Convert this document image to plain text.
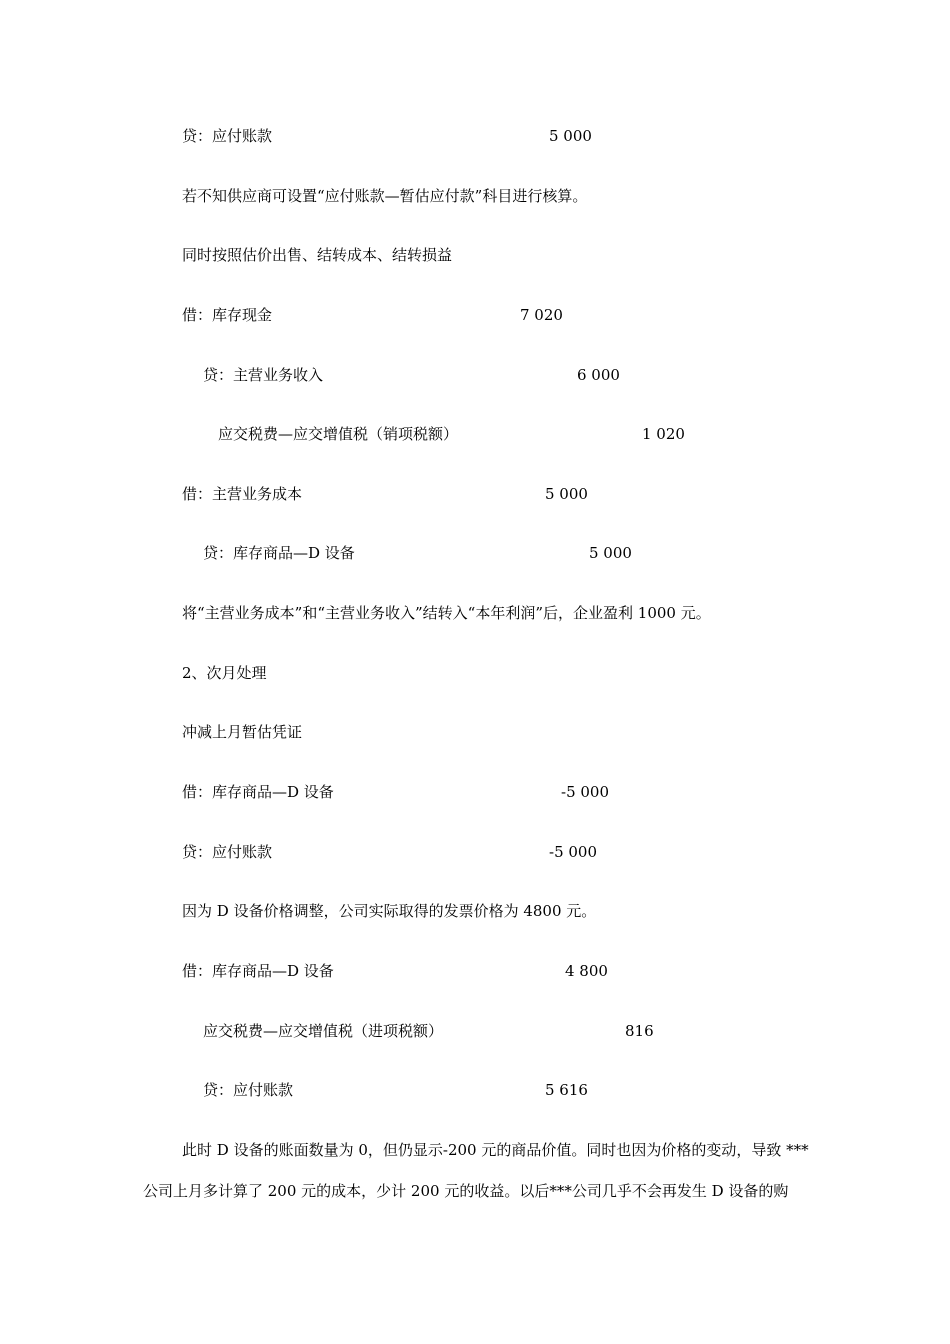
贷：应付账款	5 000
若不知供应商可设置“应付账款—暂估应付款”科目进行核算。
同时按照估价出售、结转成本、结转损益
借：库存现金	7 020
贷：主营业务收入	6 000
应交税费—应交增值税（销项税额）	1 020
借：主营业务成本	5 000
贷：库存商品—D 设备	5 000
将“主营业务成本”和“主营业务收入”结转入“本年利润”后，企业盈利 1000 元。
2、次月处理
冲减上月暂估凭证
借：库存商品—D 设备	-5 000
贷：应付账款	-5 000
因为 D 设备价格调整，公司实际取得的发票价格为 4800 元。
借：库存商品—D 设备	4 800
应交税费—应交增值税（进项税额）	816
贷：应付账款	5 616
此时 D 设备的账面数量为 0，但仍显示-200 元的商品价值。同时也因为价格的变动，导致 ***
公司上月多计算了 200 元的成本，少计 200 元的收益。以后***公司几乎不会再发生 D 设备的购
